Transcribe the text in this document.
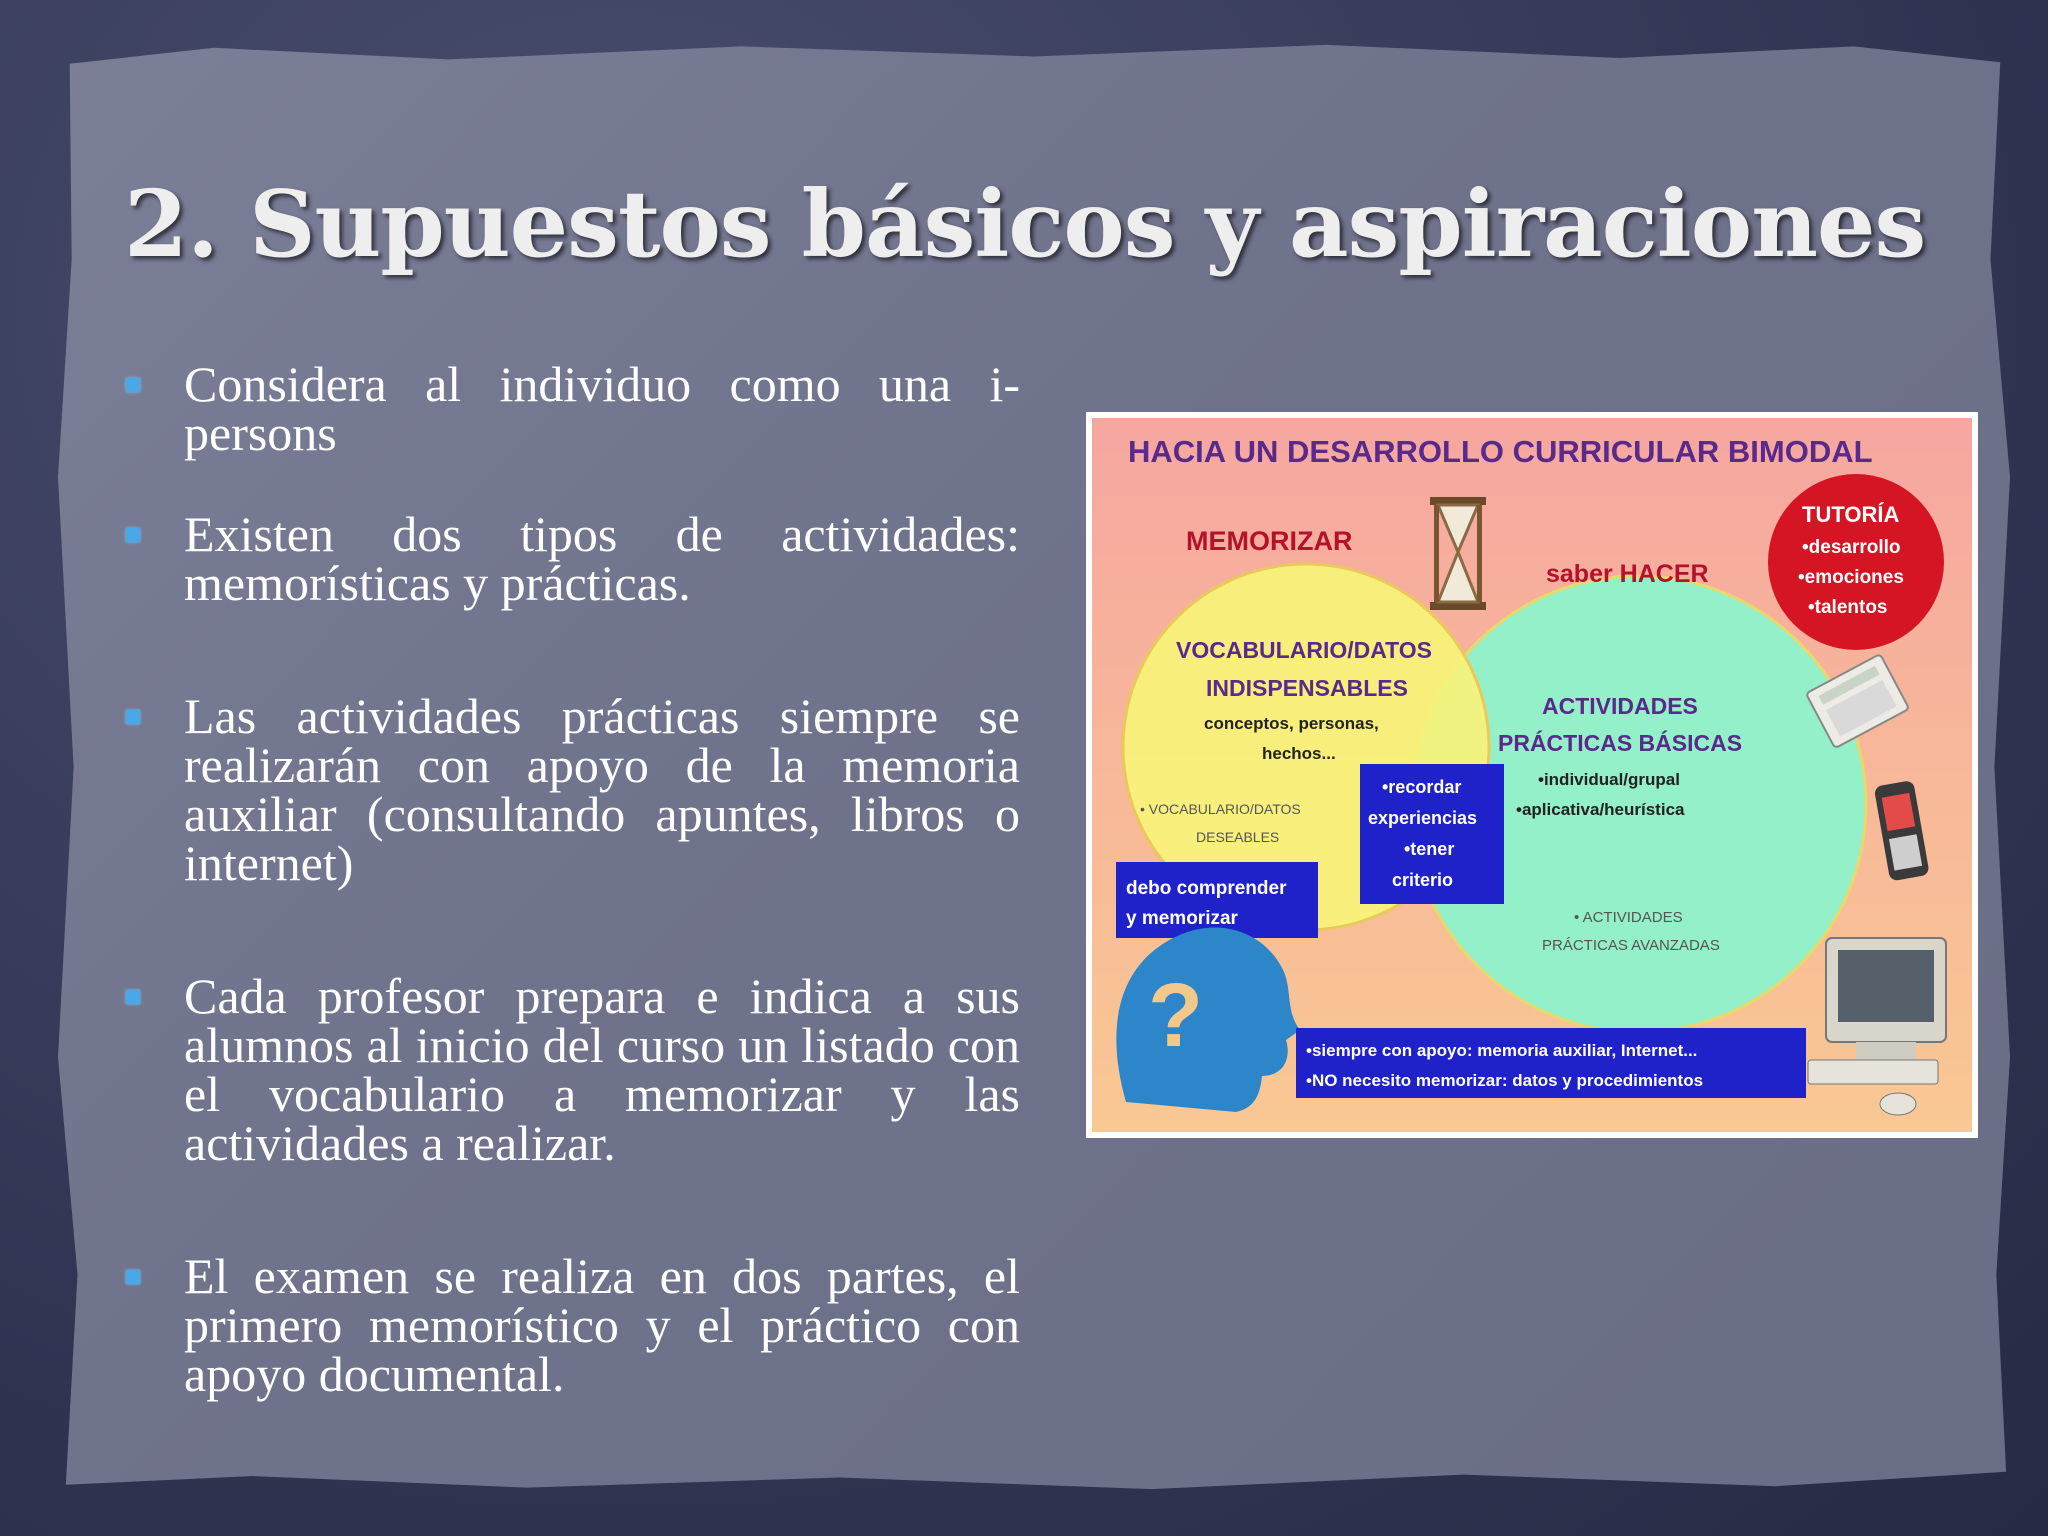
2. Supuestos básicos y aspiraciones
Considera al individuo como una i-persons
Existen dos tipos de actividades: memorísticas y prácticas.
Las actividades prácticas siempre se realizarán con apoyo de la memoria auxiliar (consultando apuntes, libros o internet)
Cada profesor prepara e indica a sus alumnos al inicio del curso un listado con el vocabulario a memorizar y las actividades a realizar.
El examen se realiza en dos partes, el primero memorístico y el práctico con apoyo documental.
HACIA UN DESARROLLO CURRICULAR BIMODAL
MEMORIZAR
saber HACER
TUTORÍA
•desarrollo
•emociones
•talentos
VOCABULARIO/DATOS
INDISPENSABLES
conceptos, personas,
hechos...
• VOCABULARIO/DATOS
DESEABLES
ACTIVIDADES
PRÁCTICAS BÁSICAS
•individual/grupal
•aplicativa/heurística
• ACTIVIDADES
PRÁCTICAS AVANZADAS
•recordar
experiencias
•tener
criterio
debo comprender
y memorizar
?	•siempre con apoyo: memoria auxiliar, Internet...
•NO necesito memorizar: datos y procedimientos
